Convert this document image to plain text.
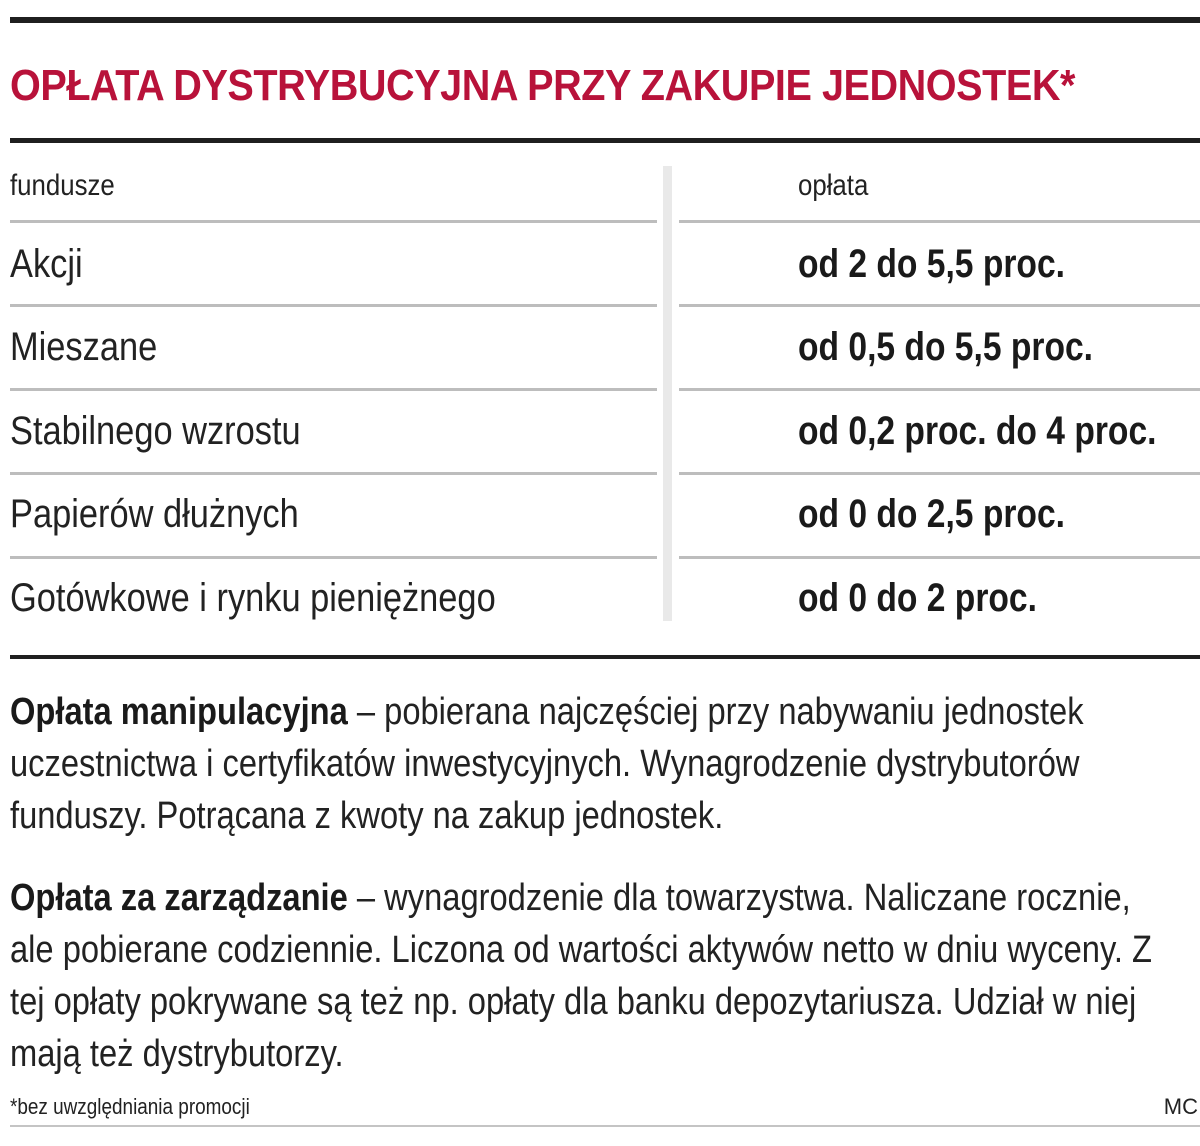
OPŁATA DYSTRYBUCYJNA PRZY ZAKUPIE JEDNOSTEK*
fundusze	opłata
Akcji	od 2 do 5,5 proc.
Mieszane	od 0,5 do 5,5 proc.
Stabilnego wzrostu	od 0,2 proc. do 4 proc.
Papierów dłużnych	od 0 do 2,5 proc.
Gotówkowe i rynku pieniężnego	od 0 do 2 proc.

Opłata manipulacyjna – pobierana najczęściej przy nabywaniu jednostek uczestnictwa i certyfikatów inwestycyjnych. Wynagrodzenie dystrybutorów funduszy. Potrącana z kwoty na zakup jednostek.

Opłata za zarządzanie – wynagrodzenie dla towarzystwa. Naliczane rocznie, ale pobierane codziennie. Liczona od wartości aktywów netto w dniu wyceny. Z tej opłaty pokrywane są też np. opłaty dla banku depozytariusza. Udział w niej mają też dystrybutorzy.

*bez uwzględniania promocji	MC
